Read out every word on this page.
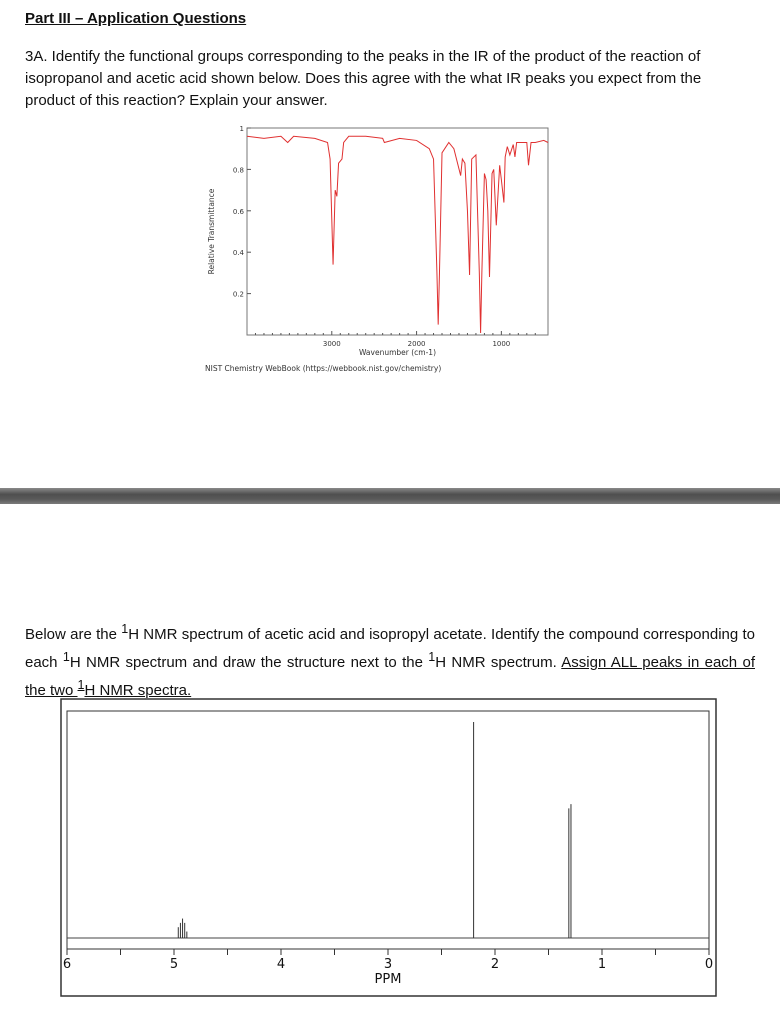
Part III – Application Questions
3A. Identify the functional groups corresponding to the peaks in the IR of the product of the reaction of isopropanol and acetic acid shown below. Does this agree with the what IR peaks you expect from the product of this reaction? Explain your answer.
1
0.8
0.6
0.4
0.2
3000	2000	1000
Wavenumber (cm-1)
Relative Transmittance
NIST Chemistry WebBook (https://webbook.nist.gov/chemistry)
Below are the $^1$H NMR spectrum of acetic acid and isopropyl acetate. Identify the compound corresponding to each $^1$H NMR spectrum and draw the structure next to the $^1$H NMR spectrum. Assign ALL peaks in each of the two $^1$H NMR spectra.
6	5	4	3	2	1	0
PPM
